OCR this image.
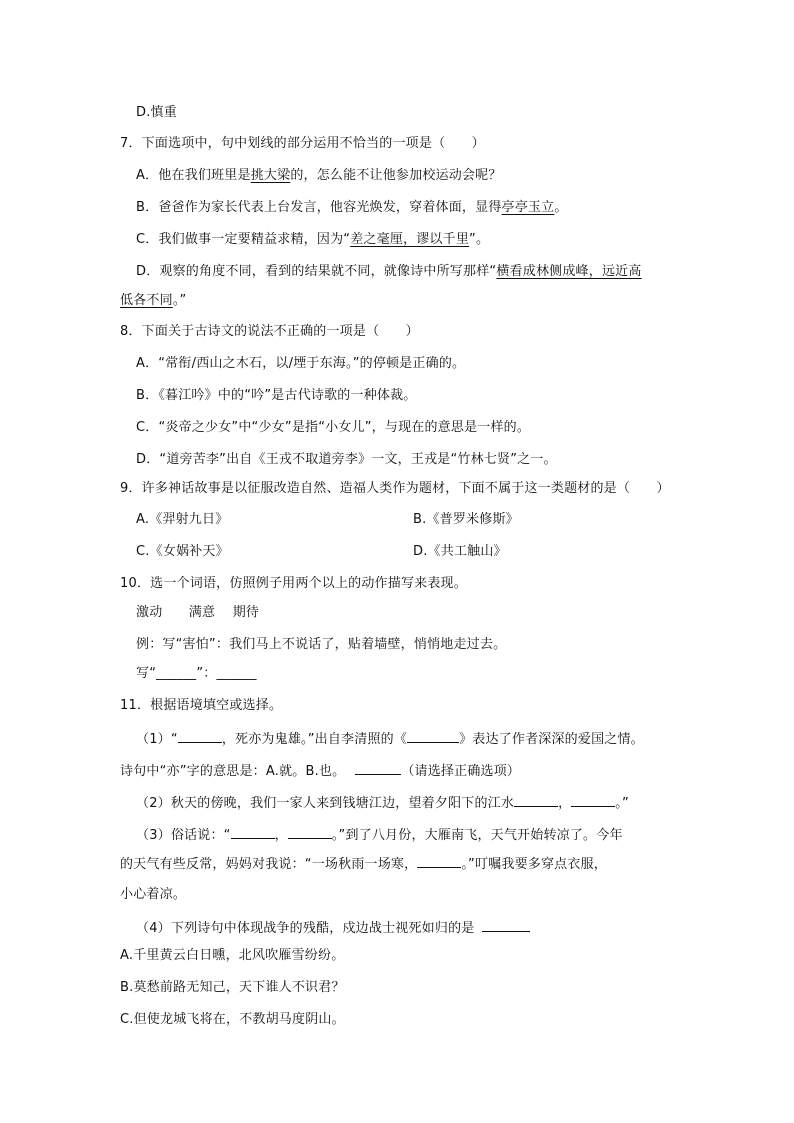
D.慎重
7．下面选项中，句中划线的部分运用不恰当的一项是（　　）
A．他在我们班里是挑大梁的，怎么能不让他参加校运动会呢？
B．爸爸作为家长代表上台发言，他容光焕发，穿着体面，显得亭亭玉立。
C．我们做事一定要精益求精，因为“差之毫厘，谬以千里”。
D．观察的角度不同，看到的结果就不同，就像诗中所写那样“横看成林侧成峰，远近高
低各不同。”
8．下面关于古诗文的说法不正确的一项是（　　）
A．“常衔/西山之木石，以/堙于东海。”的停顿是正确的。
B．《暮江吟》中的“吟”是古代诗歌的一种体裁。
C．“炎帝之少女”中“少女”是指“小女儿”，与现在的意思是一样的。
D．“道旁苦李”出自《王戎不取道旁李》一文，王戎是“竹林七贤”之一。
9．许多神话故事是以征服改造自然、造福人类作为题材，下面不属于这一类题材的是（　　）
A.《羿射九日》	B.《普罗米修斯》
C.《女娲补天》	D.《共工触山》
10．选一个词语，仿照例子用两个以上的动作描写来表现。
激动　　满意　 期待
例：写“害怕”：我们马上不说话了，贴着墙壁，悄悄地走过去。
写“______”：______
11．根据语境填空或选择。
（1）“	，死亦为鬼雄。”出自李清照的《	》表达了作者深深的爱国之情。
诗句中“亦”字的意思是：A.就。B.也。	（请选择正确选项）
（2）秋天的傍晚，我们一家人来到钱塘江边，望着夕阳下的江水	，	。”
（3）俗话说：“	，	。”到了八月份，大雁南飞，天气开始转凉了。今年
的天气有些反常，妈妈对我说：“一场秋雨一场寒，	。”叮嘱我要多穿点衣服，
小心着凉。
（4）下列诗句中体现战争的残酷，戍边战士视死如归的是
A.千里黄云白日曛，北风吹雁雪纷纷。
B.莫愁前路无知己，天下谁人不识君？
C.但使龙城飞将在，不教胡马度阴山。
